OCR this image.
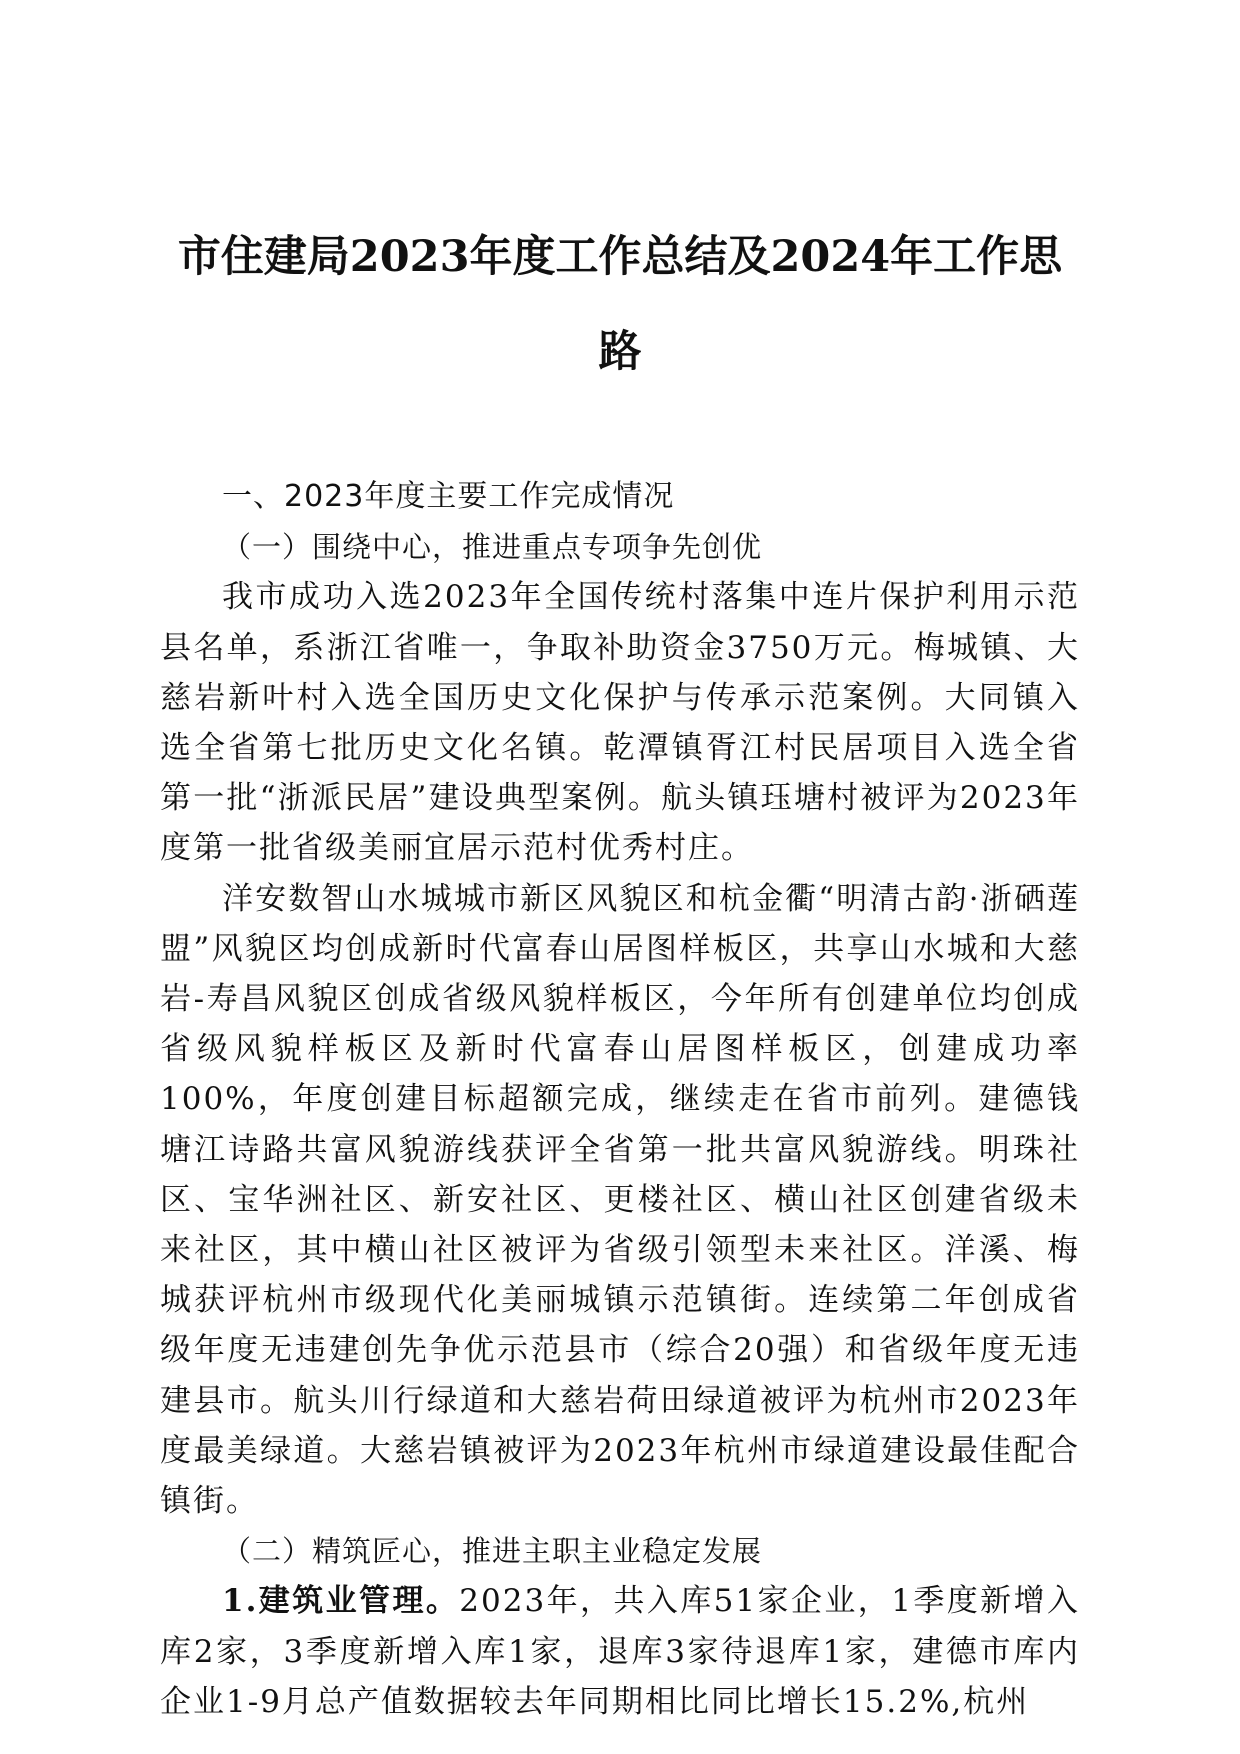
市住建局2023年度工作总结及2024年工作思
路

一、2023年度主要工作完成情况

（一）围绕中心，推进重点专项争先创优

我市成功入选2023年全国传统村落集中连片保护利用示范县名单，系浙江省唯一，争取补助资金3750万元。梅城镇、大慈岩新叶村入选全国历史文化保护与传承示范案例。大同镇入选全省第七批历史文化名镇。乾潭镇胥江村民居项目入选全省第一批“浙派民居”建设典型案例。航头镇珏塘村被评为2023年度第一批省级美丽宜居示范村优秀村庄。

洋安数智山水城城市新区风貌区和杭金衢“明清古韵·浙硒莲盟”风貌区均创成新时代富春山居图样板区，共享山水城和大慈岩-寿昌风貌区创成省级风貌样板区，今年所有创建单位均创成省级风貌样板区及新时代富春山居图样板区，创建成功率100%，年度创建目标超额完成，继续走在省市前列。建德钱塘江诗路共富风貌游线获评全省第一批共富风貌游线。明珠社区、宝华洲社区、新安社区、更楼社区、横山社区创建省级未来社区，其中横山社区被评为省级引领型未来社区。洋溪、梅城获评杭州市级现代化美丽城镇示范镇街。连续第二年创成省级年度无违建创先争优示范县市（综合20强）和省级年度无违建县市。航头川行绿道和大慈岩荷田绿道被评为杭州市2023年度最美绿道。大慈岩镇被评为2023年杭州市绿道建设最佳配合镇街。

（二）精筑匠心，推进主职主业稳定发展

1.建筑业管理。2023年，共入库51家企业，1季度新增入库2家，3季度新增入库1家，退库3家待退库1家，建德市库内企业1-9月总产值数据较去年同期相比同比增长15.2%,杭州
